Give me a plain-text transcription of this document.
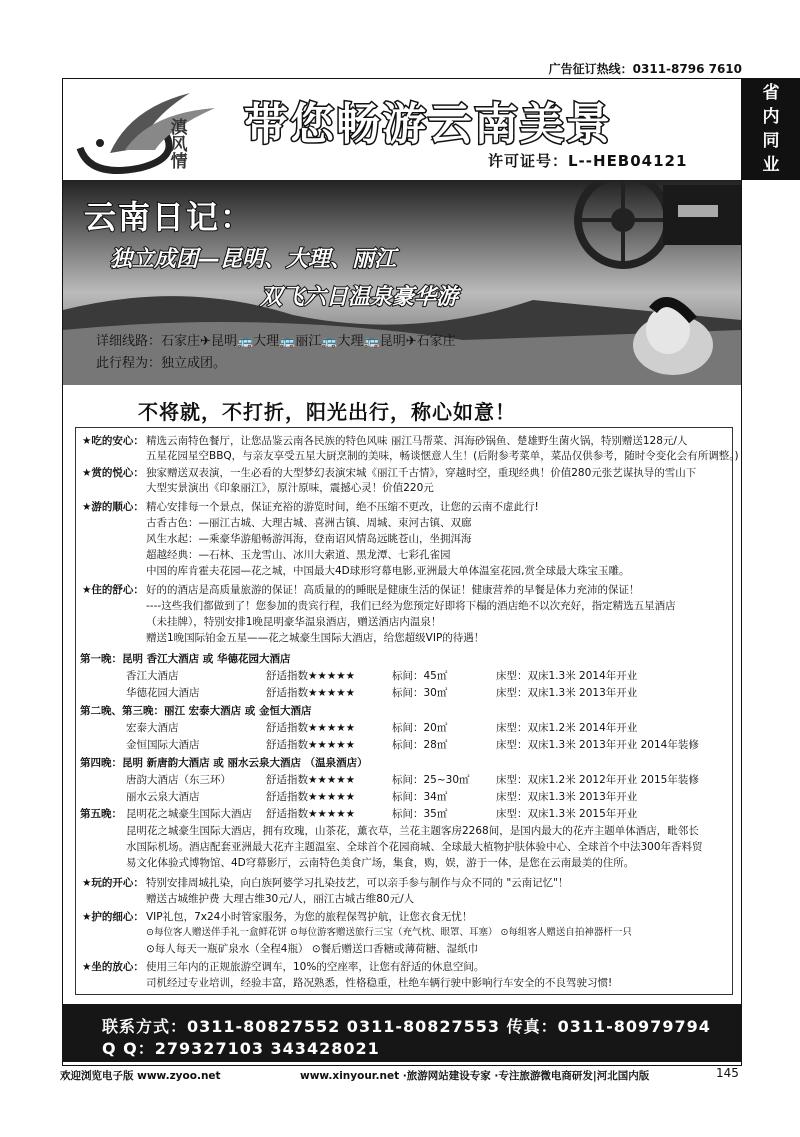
广告征订热线：0311-8796 7610
省
内
同
业
滇风情
带您畅游云南美景
许可证号：L--HEB04121
云南日记：
独立成团—昆明、大理、丽江
双飞六日温泉豪华游
详细线路：石家庄✈昆明🚌大理🚌丽江🚌大理🚌昆明✈石家庄
此行程为：独立成团。
不将就，不打折，阳光出行，称心如意！
★吃的安心： 精选云南特色餐厅，让您品鉴云南各民族的特色风味 丽江马帮菜、洱海砂锅鱼、楚雄野生菌火锅，特别赠送128元/人
五星花园星空BBQ，与亲友享受五星大厨烹制的美味，畅谈惬意人生！(后附参考菜单，菜品仅供参考，随时令变化会有所调整。)
★赏的悦心： 独家赠送双表演，一生必看的大型梦幻表演宋城《丽江千古情》，穿越时空，重现经典！价值280元张艺谋执导的雪山下
大型实景演出《印象丽江》，原汁原味，震撼心灵！价值220元
★游的顺心： 精心安排每一个景点，保证充裕的游览时间，绝不压缩不更改，让您的云南不虚此行!
古香古色：—丽江古城、大理古城、喜洲古镇、周城、束河古镇、双廊
风生水起：—乘豪华游船畅游洱海，登南诏风情岛远眺苍山，坐拥洱海
超越经典：—石林、玉龙雪山、冰川大索道、黑龙潭、七彩孔雀园
中国的库肯霍夫花园—花之城，中国最大4D球形穹幕电影,亚洲最大单体温室花园,赏全球最大珠宝玉雕。
★住的舒心： 好的的酒店是高质量旅游的保证！高质量的的睡眠是健康生活的保证！健康营养的早餐是体力充沛的保证！
----这些我们都做到了！您参加的贵宾行程，我们已经为您预定好即将下榻的酒店绝不以次充好，指定精选五星酒店
（未挂牌），特别安排1晚昆明豪华温泉酒店，赠送酒店内温泉！
赠送1晚国际铂金五星——花之城豪生国际大酒店，给您超级VIP的待遇！
第一晚：昆明 香江大酒店 或 华德花园大酒店
香江大酒店	舒适指数★★★★★	标间：45㎡	床型：双床1.3米 2014年开业
华德花园大酒店	舒适指数★★★★★	标间：30㎡	床型：双床1.3米 2013年开业
第二晚、第三晚：丽江 宏泰大酒店 或 金恒大酒店
宏泰大酒店	舒适指数★★★★★	标间：20㎡	床型：双床1.2米 2014年开业
金恒国际大酒店	舒适指数★★★★★	标间：28㎡	床型：双床1.3米 2013年开业 2014年装修
第四晚：昆明 新唐韵大酒店 或 丽水云泉大酒店 （温泉酒店）
唐韵大酒店（东三环）	舒适指数★★★★★	标间：25~30㎡	床型：双床1.2米 2012年开业 2015年装修
丽水云泉大酒店	舒适指数★★★★★	标间：34㎡	床型：双床1.3米 2013年开业
第五晚： 昆明花之城豪生国际大酒店 舒适指数★★★★★	标间：35㎡	床型：双床1.3米 2015年开业
昆明花之城豪生国际大酒店，拥有玫瑰，山茶花，薰衣草，兰花主题客房2268间，是国内最大的花卉主题单体酒店，毗邻长
水国际机场。酒店配套亚洲最大花卉主题温室、全球首个花园商城、全球最大植物护肤体验中心、全球首个中法300年香料贸
易文化体验式博物馆、4D穹幕影厅，云南特色美食广场，集食，购，娱，游于一体，是您在云南最美的住所。
★玩的开心： 特别安排周城扎染，向白族阿婆学习扎染技艺，可以亲手参与制作与众不同的 "云南记忆"！
赠送古城维护费 大理古维30元/人，丽江古城古维80元/人
★护的细心： VIP礼包，7x24小时管家服务，为您的旅程保驾护航，让您衣食无忧！
⊙每位客人赠送伴手礼一盒鲜花饼 ⊙每位游客赠送旅行三宝（充气枕、眼罩、耳塞） ⊙每组客人赠送自拍神器杆一只
⊙每人每天一瓶矿泉水（全程4瓶） ⊙餐后赠送口香糖或薄荷糖、湿纸巾
★坐的放心： 使用三年内的正规旅游空调车，10%的空座率，让您有舒适的休息空间。
司机经过专业培训，经验丰富，路况熟悉，性格稳重，杜绝车辆行驶中影响行车安全的不良驾驶习惯!
联系方式：0311-80827552 0311-80827553 传真：0311-80979794
Q Q：279327103 343428021
欢迎浏览电子版 www.zyoo.net	www.xinyour.net ·旅游网站建设专家 ·专注旅游微电商研发|河北国内版	145
